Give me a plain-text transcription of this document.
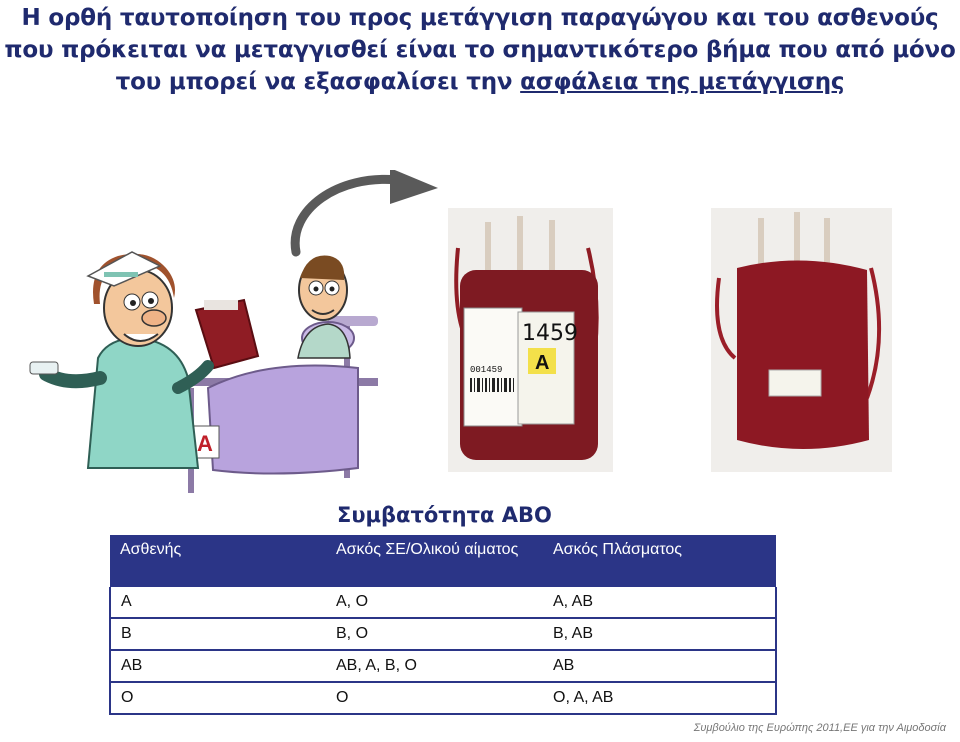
Η ορθή ταυτοποίηση του προς μετάγγιση παραγώγου και του ασθενούς που πρόκειται να μεταγγισθεί είναι το σημαντικότερο βήμα που από μόνο του μπορεί να εξασφαλίσει την ασφάλεια της μετάγγισης
A
1459
A
001459
Συμβατότητα ΑΒΟ
Ασθενής	Ασκός ΣΕ/Ολικού αίματος	Ασκός Πλάσματος
A	A, O	A, AB
B	B, O	B, AB
AB	AB, A, B, O	AB
O	O	O, A, AB
Συμβούλιο της Ευρώπης 2011,ΕΕ για την Αιμοδοσία
